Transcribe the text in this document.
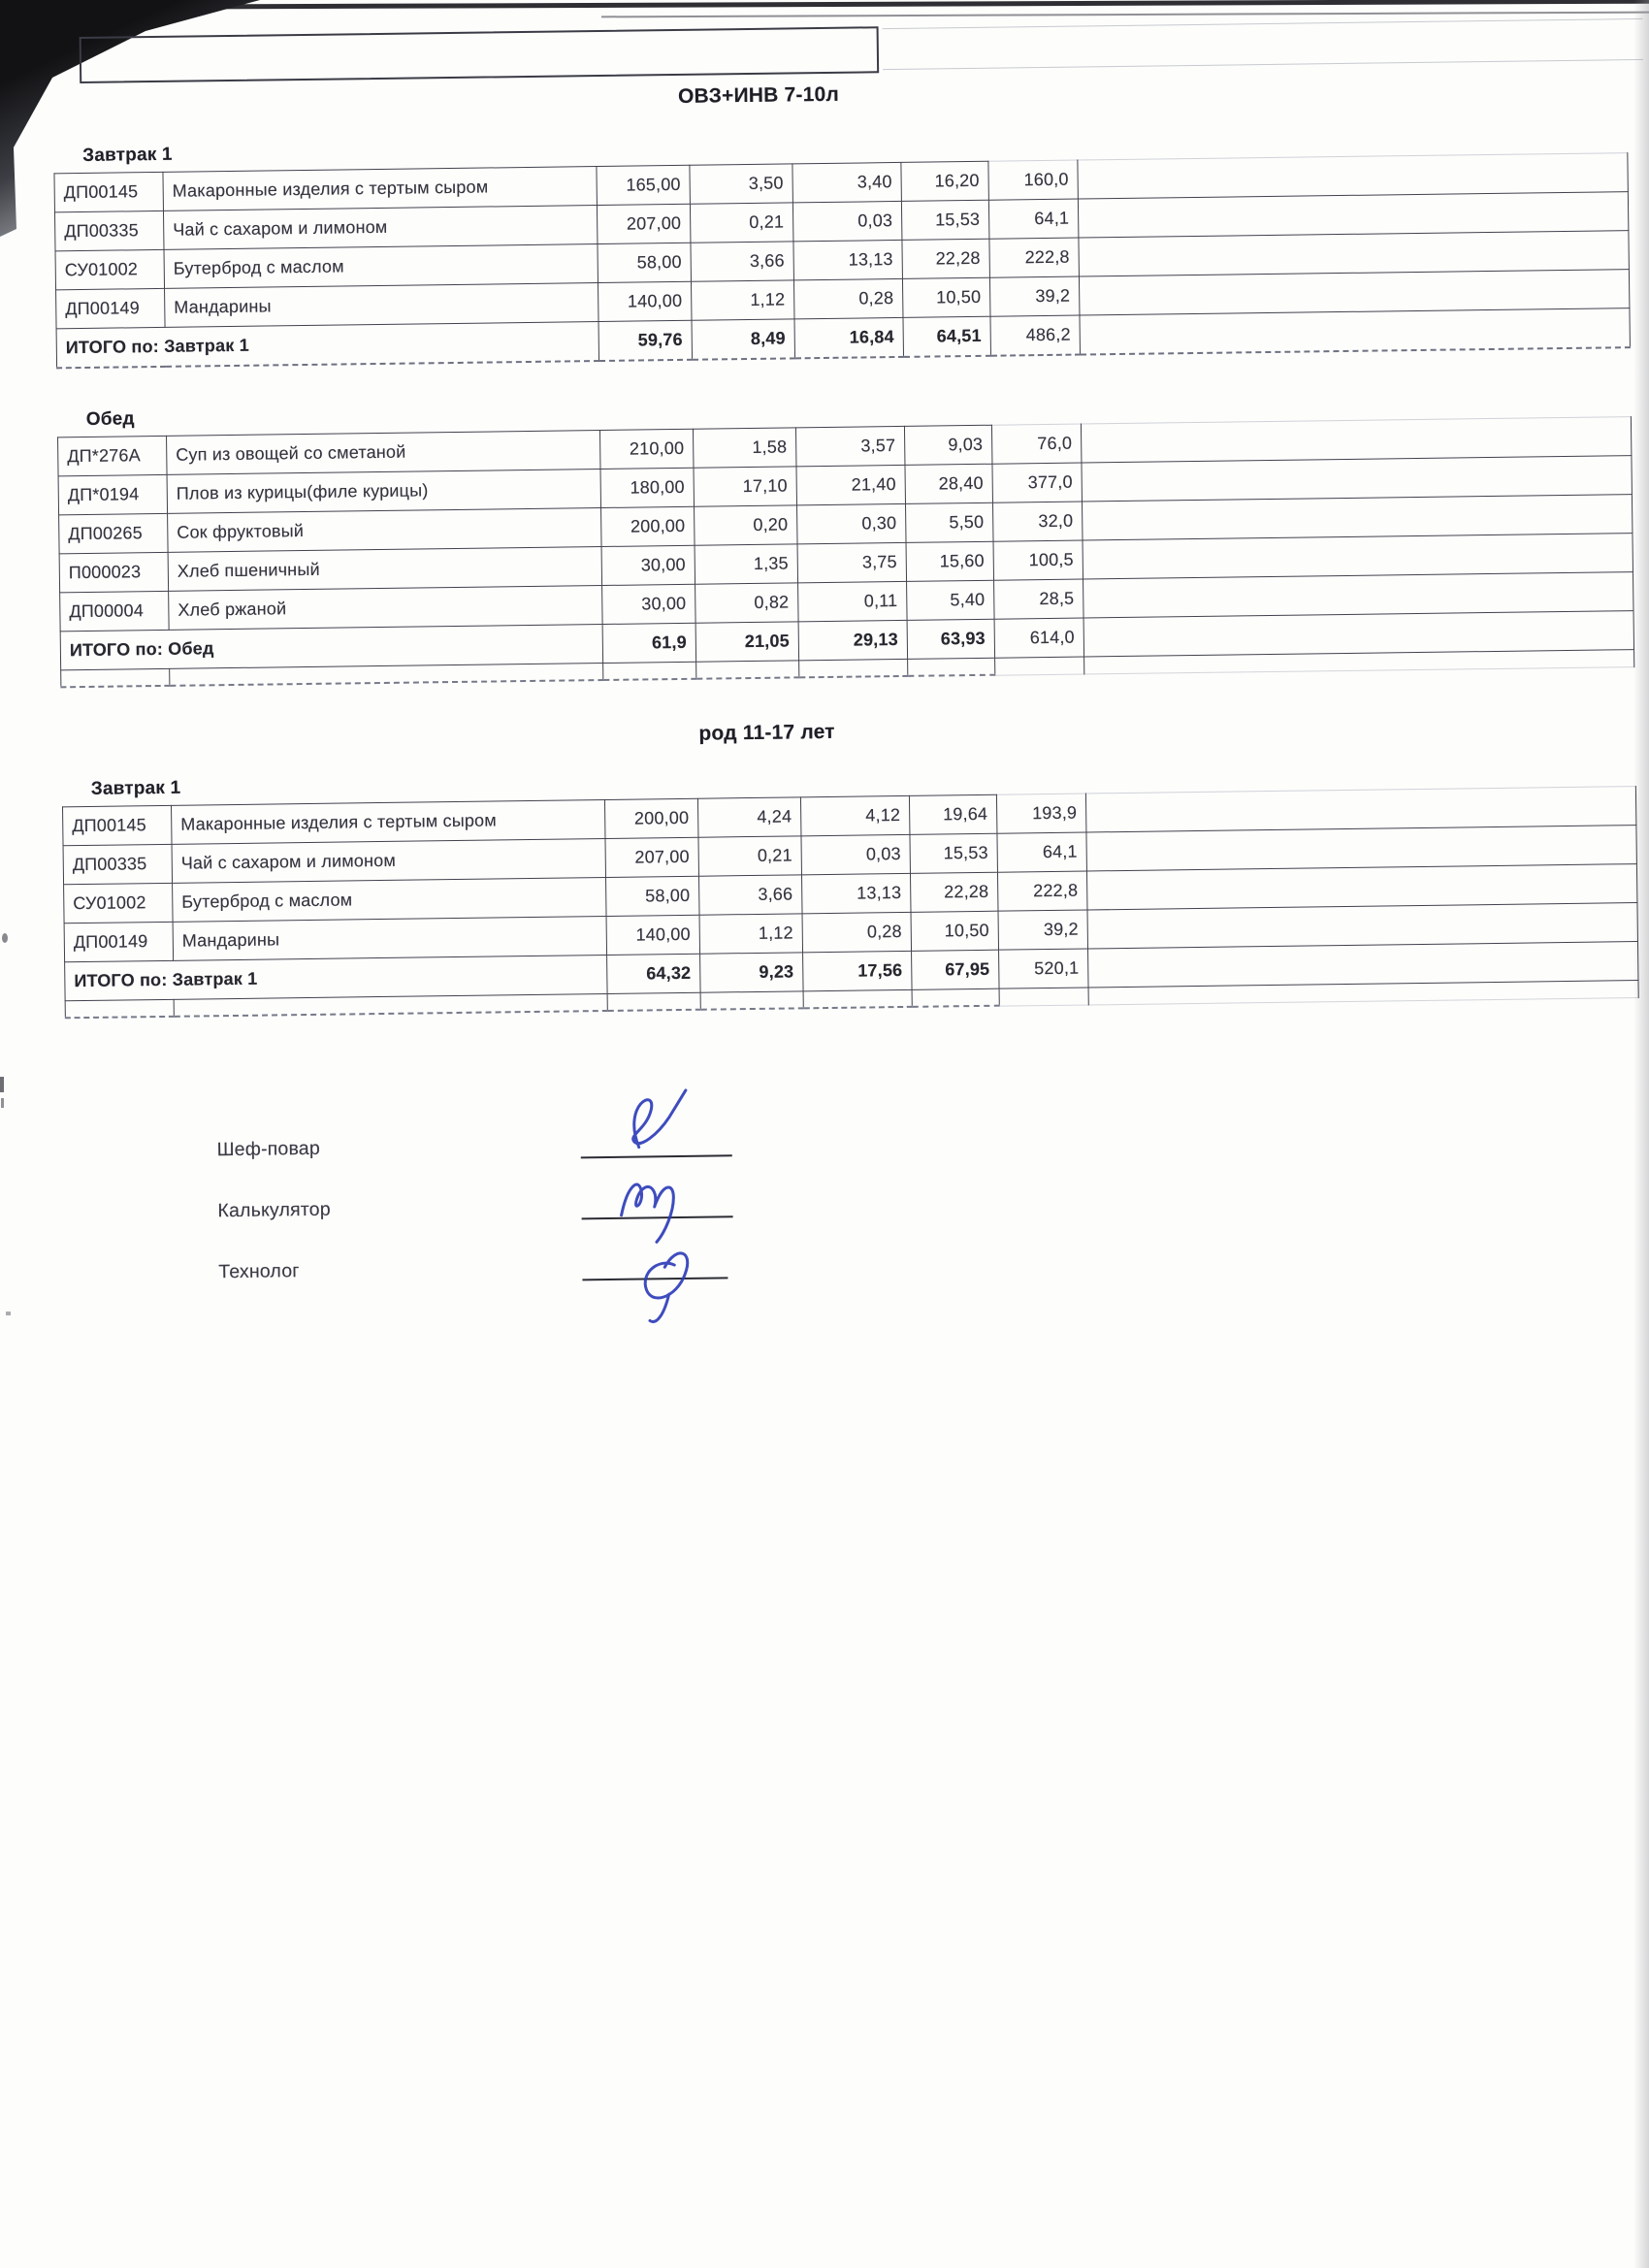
ОВЗ+ИНВ 7-10л
Завтрак 1
ДП00145	Макаронные изделия с тертым сыром	165,00	3,50	3,40	16,20	160,0	
ДП00335	Чай с сахаром и лимоном	207,00	0,21	0,03	15,53	64,1	
СУ01002	Бутерброд с маслом	58,00	3,66	13,13	22,28	222,8	
ДП00149	Мандарины	140,00	1,12	0,28	10,50	39,2	
ИТОГО по: Завтрак 1		59,76	8,49	16,84	64,51	486,2	
Обед
ДП*276А	Суп из овощей со сметаной	210,00	1,58	3,57	9,03	76,0	
ДП*0194	Плов из курицы(филе курицы)	180,00	17,10	21,40	28,40	377,0	
ДП00265	Сок фруктовый	200,00	0,20	0,30	5,50	32,0	
П000023	Хлеб пшеничный	30,00	1,35	3,75	15,60	100,5	
ДП00004	Хлеб ржаной	30,00	0,82	0,11	5,40	28,5	
ИТОГО по: Обед		61,9	21,05	29,13	63,93	614,0	

род 11-17 лет
Завтрак 1
ДП00145	Макаронные изделия с тертым сыром	200,00	4,24	4,12	19,64	193,9	
ДП00335	Чай с сахаром и лимоном	207,00	0,21	0,03	15,53	64,1	
СУ01002	Бутерброд с маслом	58,00	3,66	13,13	22,28	222,8	
ДП00149	Мандарины	140,00	1,12	0,28	10,50	39,2	
ИТОГО по: Завтрак 1		64,32	9,23	17,56	67,95	520,1	

Шеф-повар
Калькулятор
Технолог
